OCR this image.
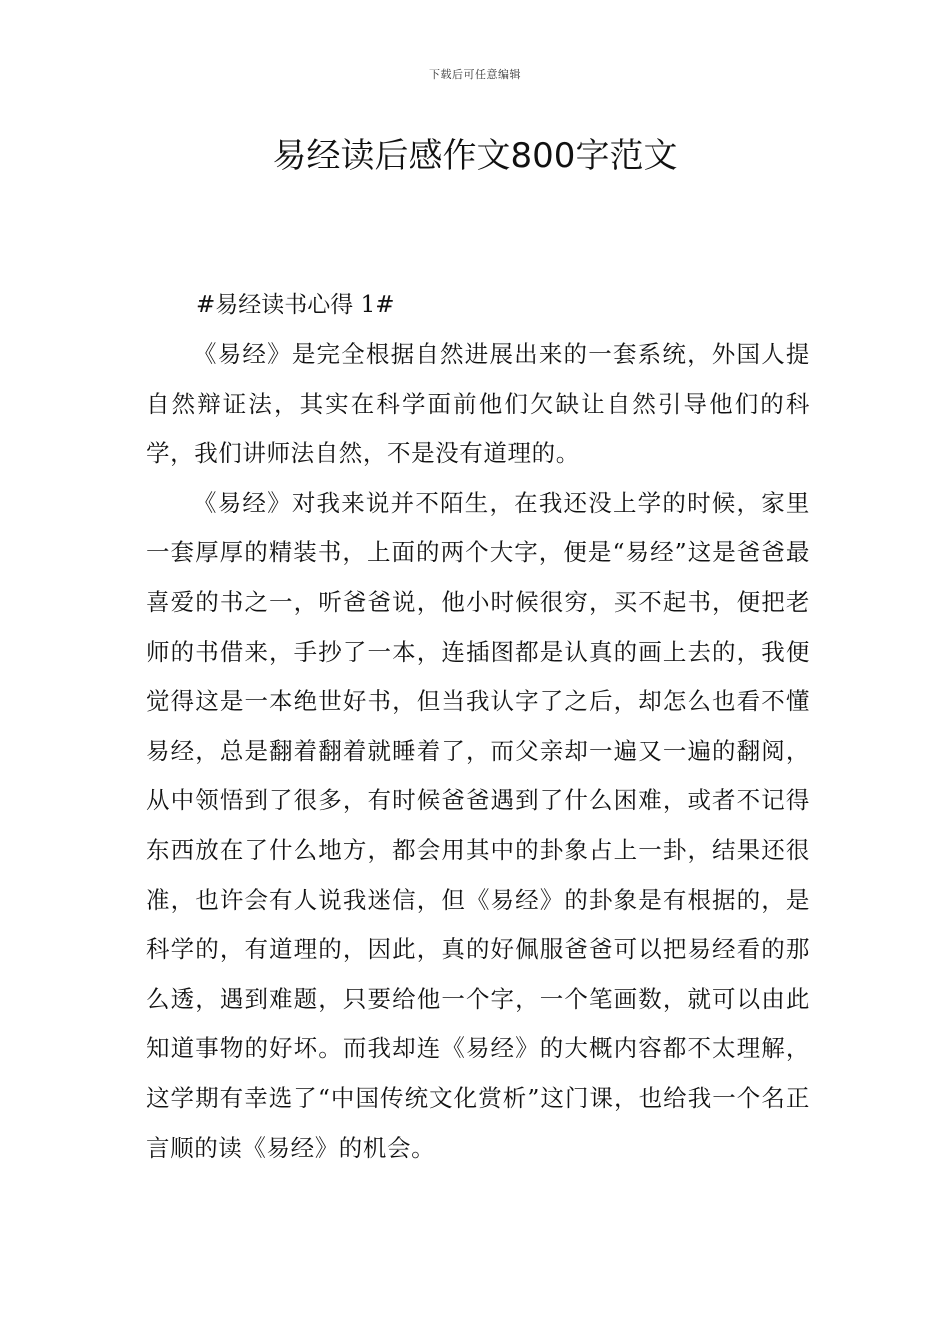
下载后可任意编辑
易经读后感作文800字范文

#易经读书心得 1#

《易经》是完全根据自然进展出来的一套系统，外国人提自然辩证法，其实在科学面前他们欠缺让自然引导他们的科学，我们讲师法自然，不是没有道理的。

《易经》对我来说并不陌生，在我还没上学的时候，家里一套厚厚的精装书，上面的两个大字，便是“易经”这是爸爸最喜爱的书之一，听爸爸说，他小时候很穷，买不起书，便把老师的书借来，手抄了一本，连插图都是认真的画上去的，我便觉得这是一本绝世好书，但当我认字了之后，却怎么也看不懂易经，总是翻着翻着就睡着了，而父亲却一遍又一遍的翻阅，从中领悟到了很多，有时候爸爸遇到了什么困难，或者不记得东西放在了什么地方，都会用其中的卦象占上一卦，结果还很准，也许会有人说我迷信，但《易经》的卦象是有根据的，是科学的，有道理的，因此，真的好佩服爸爸可以把易经看的那么透，遇到难题，只要给他一个字，一个笔画数，就可以由此知道事物的好坏。而我却连《易经》的大概内容都不太理解，这学期有幸选了“中国传统文化赏析”这门课，也给我一个名正言顺的读《易经》的机会。
